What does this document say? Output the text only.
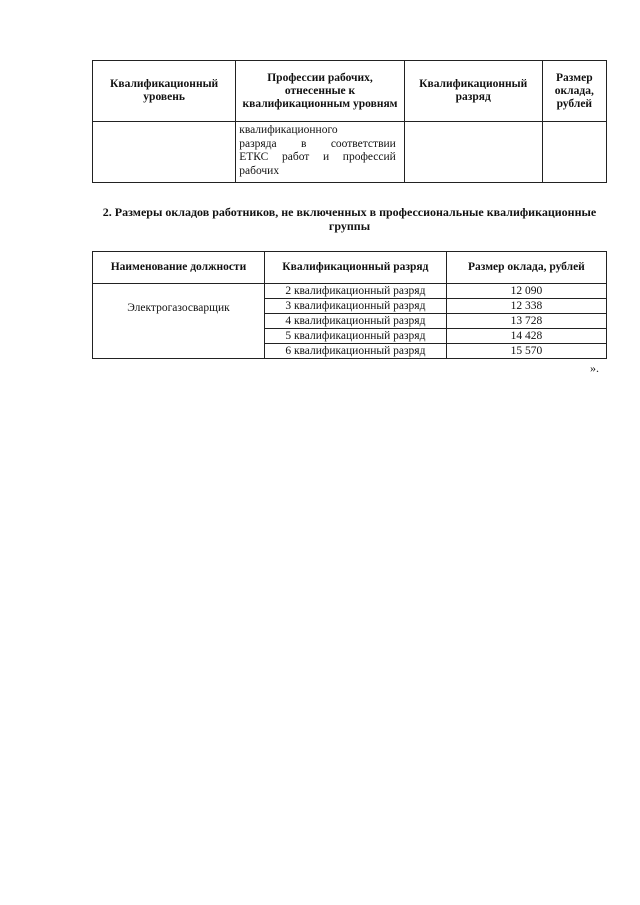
Квалификационный уровень	Профессии рабочих, отнесенные к квалификационным уровням	Квалификационный разряд	Размер оклада, рублей

	квалификационного
разряда в соответствии
ЕТКС работ и профессий
рабочих		

2. Размеры окладов работников, не включенных в профессиональные квалификационные группы

Наименование должности	Квалификационный разряд	Размер оклада, рублей
Электрогазосварщик	2 квалификационный разряд	12 090
	3 квалификационный разряд	12 338
	4 квалификационный разряд	13 728
	5 квалификационный разряд	14 428
	6 квалификационный разряд	15 570
».
